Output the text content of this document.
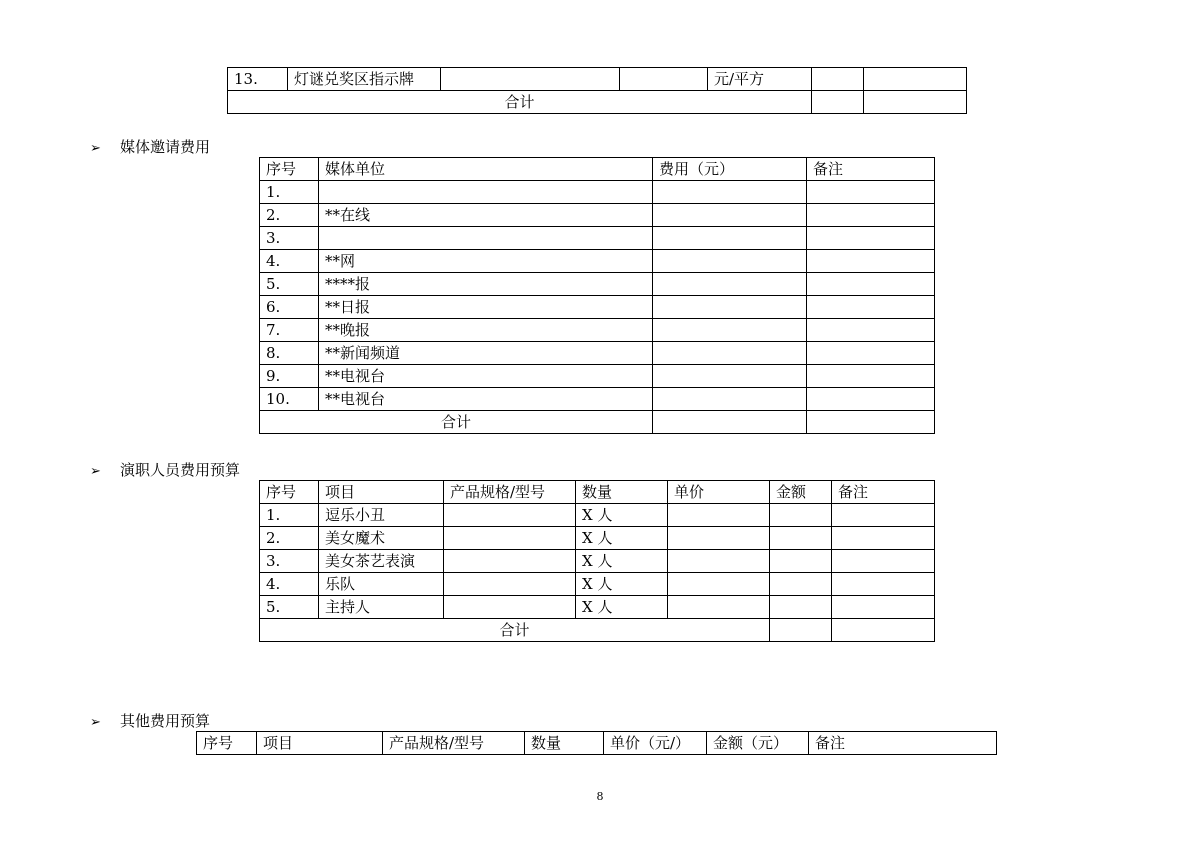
13.	灯谜兑奖区指示牌			元/平方		
合计						
➢ 媒体邀请费用
序号	媒体单位	费用（元）	备注
1.			
2.	**在线		
3.			
4.	**网		
5.	****报		
6.	**日报		
7.	**晚报		
8.	**新闻频道		
9.	**电视台		
10.	**电视台		
合计			
➢ 演职人员费用预算
序号	项目	产品规格/型号	数量	单价	金额	备注
1.	逗乐小丑		X 人			
2.	美女魔术		X 人			
3.	美女茶艺表演		X 人			
4.	乐队		X 人			
5.	主持人		X 人			
合计						
➢ 其他费用预算
序号	项目	产品规格/型号	数量	单价（元/）	金额（元）	备注
8
